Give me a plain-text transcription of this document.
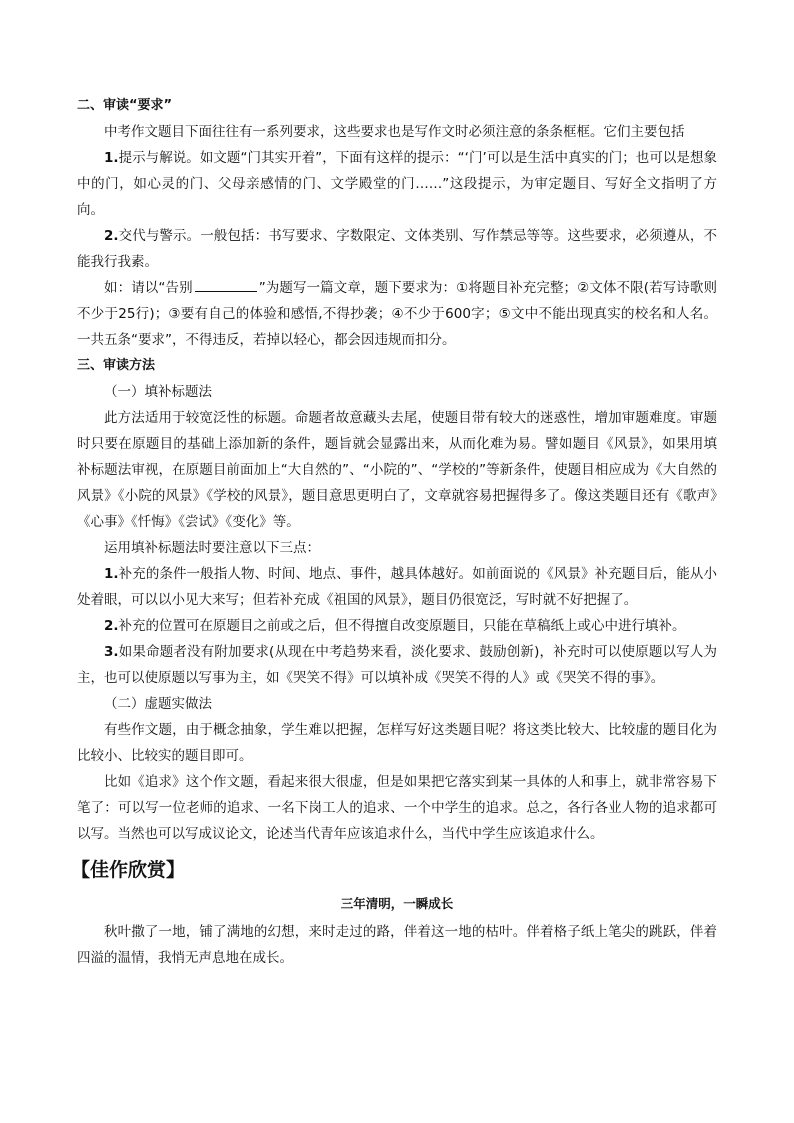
二、审读“要求”

中考作文题目下面往往有一系列要求，这些要求也是写作文时必须注意的条条框框。它们主要包括

1.提示与解说。如文题“门其实开着”，下面有这样的提示：“‘门’可以是生活中真实的门；也可以是想象中的门，如心灵的门、父母亲感情的门、文学殿堂的门……”这段提示，为审定题目、写好全文指明了方向。

2.交代与警示。一般包括：书写要求、字数限定、文体类别、写作禁忌等等。这些要求，必须遵从，不能我行我素。

如：请以“告别	”为题写一篇文章，题下要求为：①将题目补充完整；②文体不限(若写诗歌则不少于25行)；③要有自己的体验和感悟,不得抄袭；④不少于600字；⑤文中不能出现真实的校名和人名。一共五条“要求”，不得违反，若掉以轻心，都会因违规而扣分。

三、审读方法

（一）填补标题法

此方法适用于较宽泛性的标题。命题者故意藏头去尾，使题目带有较大的迷惑性，增加审题难度。审题时只要在原题目的基础上添加新的条件，题旨就会显露出来，从而化难为易。譬如题目《风景》，如果用填补标题法审视，在原题目前面加上“大自然的”、“小院的”、“学校的”等新条件，使题目相应成为《大自然的风景》《小院的风景》《学校的风景》，题目意思更明白了，文章就容易把握得多了。像这类题目还有《歌声》《心事》《忏悔》《尝试》《变化》等。

运用填补标题法时要注意以下三点：

1.补充的条件一般指人物、时间、地点、事件，越具体越好。如前面说的《风景》补充题目后，能从小处着眼，可以以小见大来写；但若补充成《祖国的风景》，题目仍很宽泛，写时就不好把握了。

2.补充的位置可在原题目之前或之后，但不得擅自改变原题目，只能在草稿纸上或心中进行填补。

3.如果命题者没有附加要求(从现在中考趋势来看，淡化要求、鼓励创新)，补充时可以使原题以写人为主，也可以使原题以写事为主，如《哭笑不得》可以填补成《哭笑不得的人》或《哭笑不得的事》。

（二）虚题实做法

有些作文题，由于概念抽象，学生难以把握，怎样写好这类题目呢？将这类比较大、比较虚的题目化为比较小、比较实的题目即可。

比如《追求》这个作文题，看起来很大很虚，但是如果把它落实到某一具体的人和事上，就非常容易下笔了：可以写一位老师的追求、一名下岗工人的追求、一个中学生的追求。总之，各行各业人物的追求都可以写。当然也可以写成议论文，论述当代青年应该追求什么，当代中学生应该追求什么。

【佳作欣赏】

三年清明，一瞬成长

秋叶撒了一地，铺了满地的幻想，来时走过的路，伴着这一地的枯叶。伴着格子纸上笔尖的跳跃，伴着四溢的温情，我悄无声息地在成长。
